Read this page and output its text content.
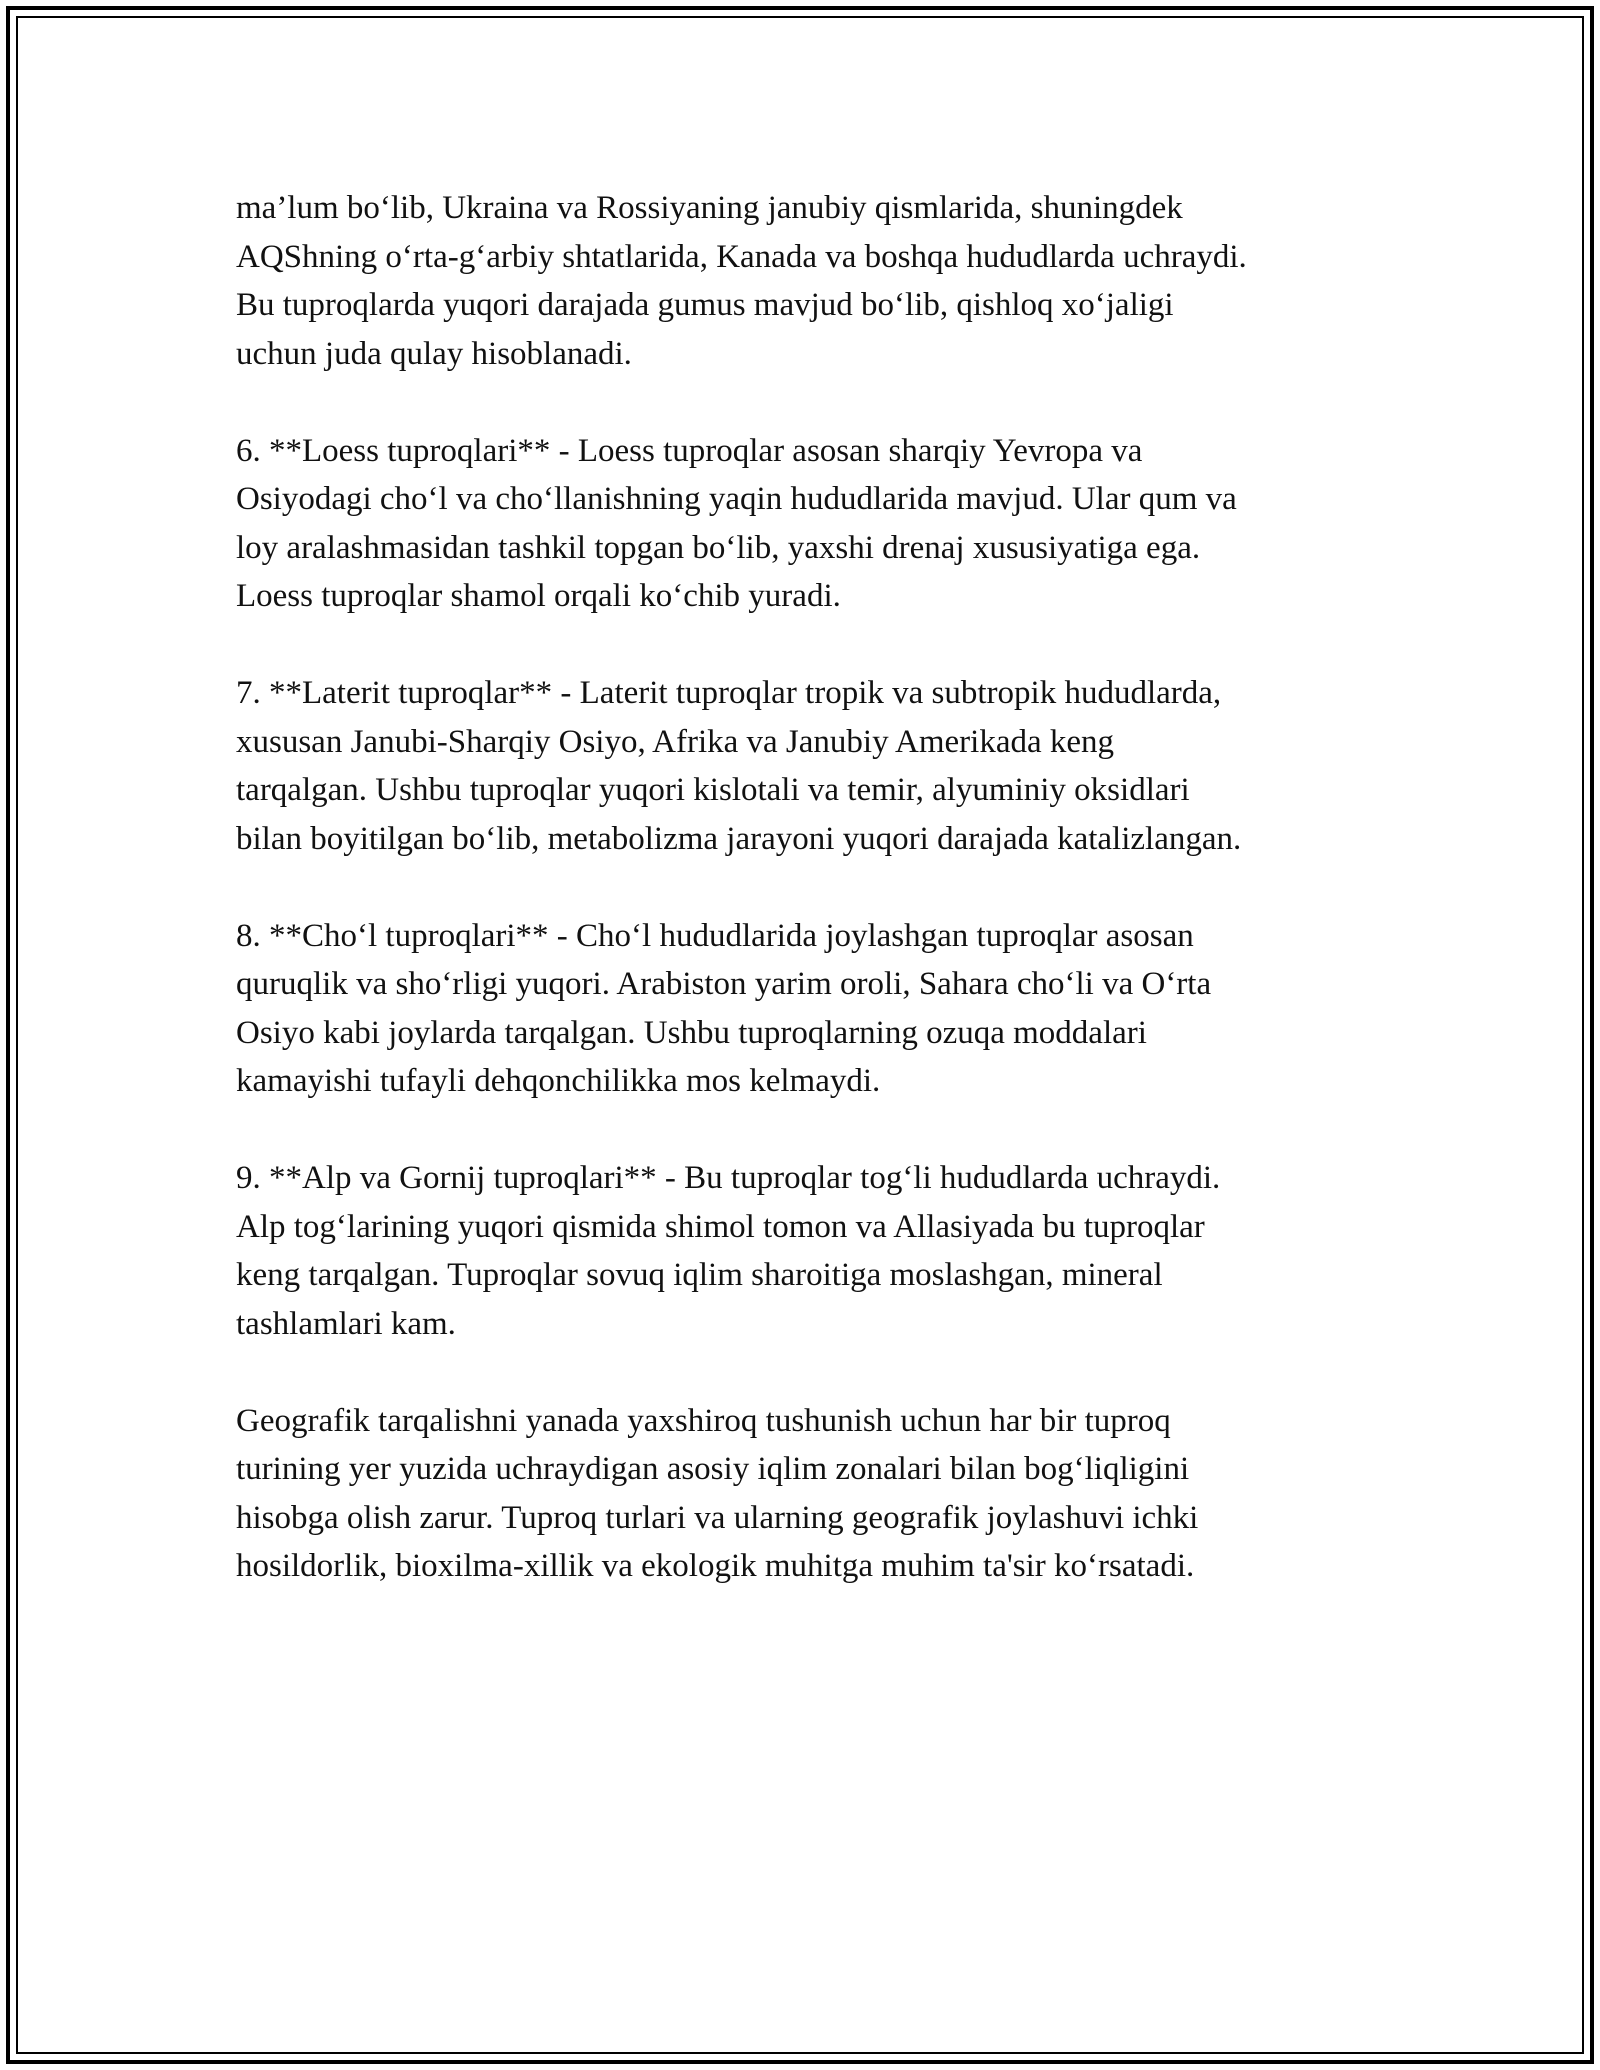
ma’lum bo‘lib, Ukraina va Rossiyaning janubiy qismlarida, shuningdek
AQShning o‘rta-g‘arbiy shtatlarida, Kanada va boshqa hududlarda uchraydi.
Bu tuproqlarda yuqori darajada gumus mavjud bo‘lib, qishloq xo‘jaligi
uchun juda qulay hisoblanadi.

6. **Loess tuproqlari** - Loess tuproqlar asosan sharqiy Yevropa va
Osiyodagi cho‘l va cho‘llanishning yaqin hududlarida mavjud. Ular qum va
loy aralashmasidan tashkil topgan bo‘lib, yaxshi drenaj xususiyatiga ega.
Loess tuproqlar shamol orqali ko‘chib yuradi.

7. **Laterit tuproqlar** - Laterit tuproqlar tropik va subtropik hududlarda,
xususan Janubi-Sharqiy Osiyo, Afrika va Janubiy Amerikada keng
tarqalgan. Ushbu tuproqlar yuqori kislotali va temir, alyuminiy oksidlari
bilan boyitilgan bo‘lib, metabolizma jarayoni yuqori darajada katalizlangan.

8. **Cho‘l tuproqlari** - Cho‘l hududlarida joylashgan tuproqlar asosan
quruqlik va sho‘rligi yuqori. Arabiston yarim oroli, Sahara cho‘li va O‘rta
Osiyo kabi joylarda tarqalgan. Ushbu tuproqlarning ozuqa moddalari
kamayishi tufayli dehqonchilikka mos kelmaydi.

9. **Alp va Gornij tuproqlari** - Bu tuproqlar tog‘li hududlarda uchraydi.
Alp tog‘larining yuqori qismida shimol tomon va Allasiyada bu tuproqlar
keng tarqalgan. Tuproqlar sovuq iqlim sharoitiga moslashgan, mineral
tashlamlari kam.

Geografik tarqalishni yanada yaxshiroq tushunish uchun har bir tuproq
turining yer yuzida uchraydigan asosiy iqlim zonalari bilan bog‘liqligini
hisobga olish zarur. Tuproq turlari va ularning geografik joylashuvi ichki
hosildorlik, bioxilma-xillik va ekologik muhitga muhim ta'sir ko‘rsatadi.
